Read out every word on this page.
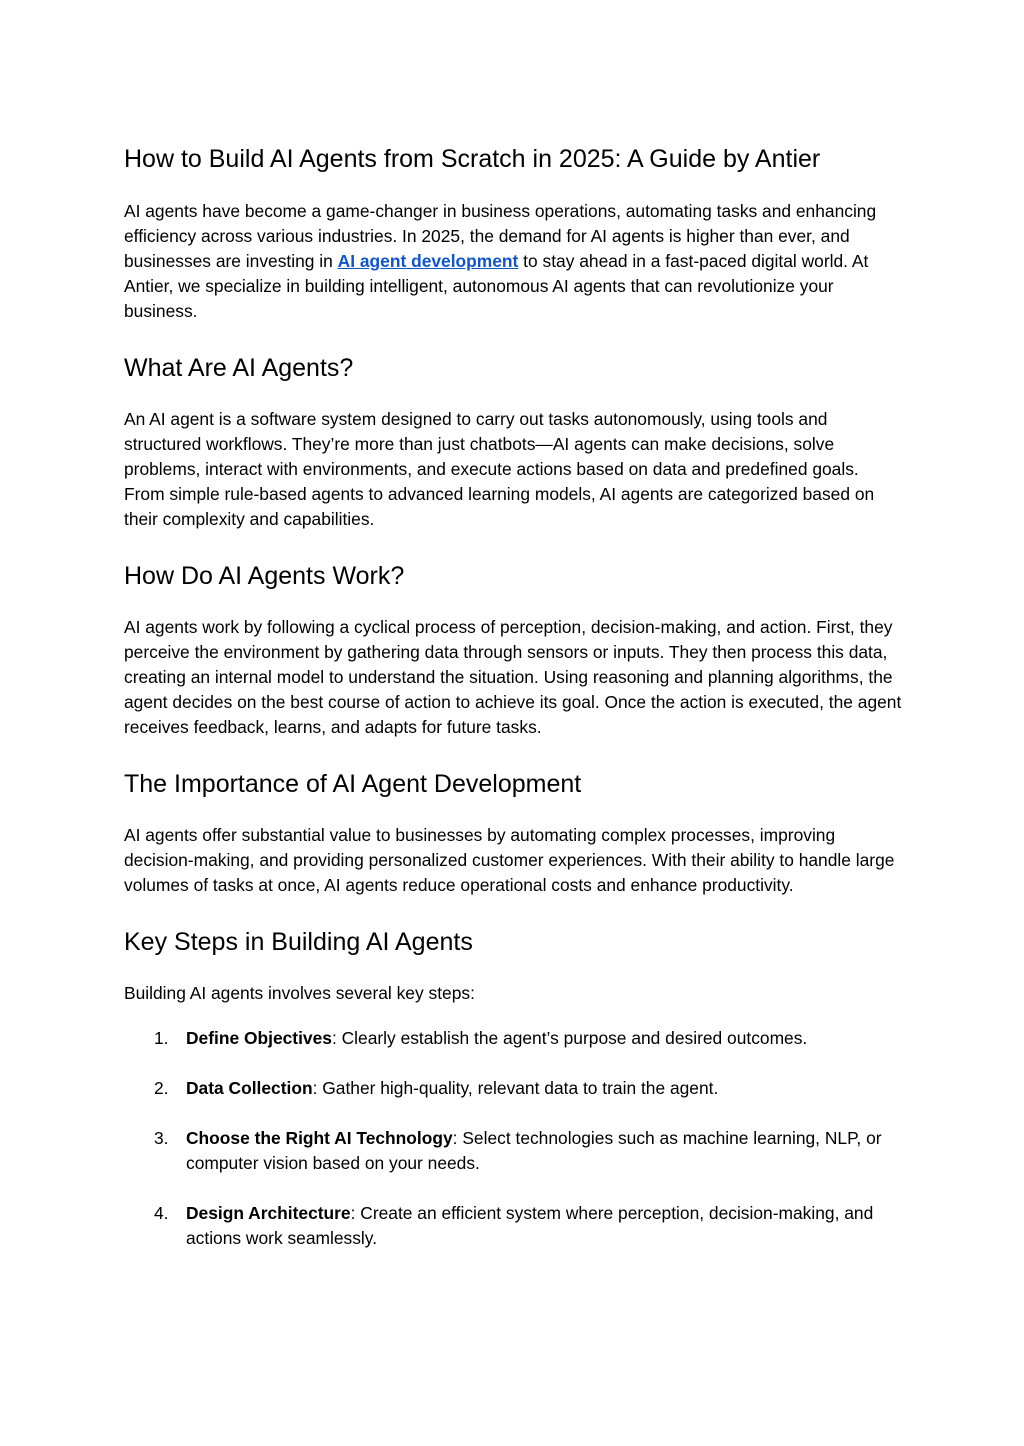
How to Build AI Agents from Scratch in 2025: A Guide by Antier

AI agents have become a game-changer in business operations, automating tasks and enhancing efficiency across various industries. In 2025, the demand for AI agents is higher than ever, and businesses are investing in AI agent development to stay ahead in a fast-paced digital world. At Antier, we specialize in building intelligent, autonomous AI agents that can revolutionize your business.

What Are AI Agents?

An AI agent is a software system designed to carry out tasks autonomously, using tools and structured workflows. They’re more than just chatbots—AI agents can make decisions, solve problems, interact with environments, and execute actions based on data and predefined goals. From simple rule-based agents to advanced learning models, AI agents are categorized based on their complexity and capabilities.

How Do AI Agents Work?

AI agents work by following a cyclical process of perception, decision-making, and action. First, they perceive the environment by gathering data through sensors or inputs. They then process this data, creating an internal model to understand the situation. Using reasoning and planning algorithms, the agent decides on the best course of action to achieve its goal. Once the action is executed, the agent receives feedback, learns, and adapts for future tasks.

The Importance of AI Agent Development

AI agents offer substantial value to businesses by automating complex processes, improving decision-making, and providing personalized customer experiences. With their ability to handle large volumes of tasks at once, AI agents reduce operational costs and enhance productivity.

Key Steps in Building AI Agents

Building AI agents involves several key steps:

1. Define Objectives: Clearly establish the agent’s purpose and desired outcomes.
2. Data Collection: Gather high-quality, relevant data to train the agent.
3. Choose the Right AI Technology: Select technologies such as machine learning, NLP, or computer vision based on your needs.
4. Design Architecture: Create an efficient system where perception, decision-making, and actions work seamlessly.
